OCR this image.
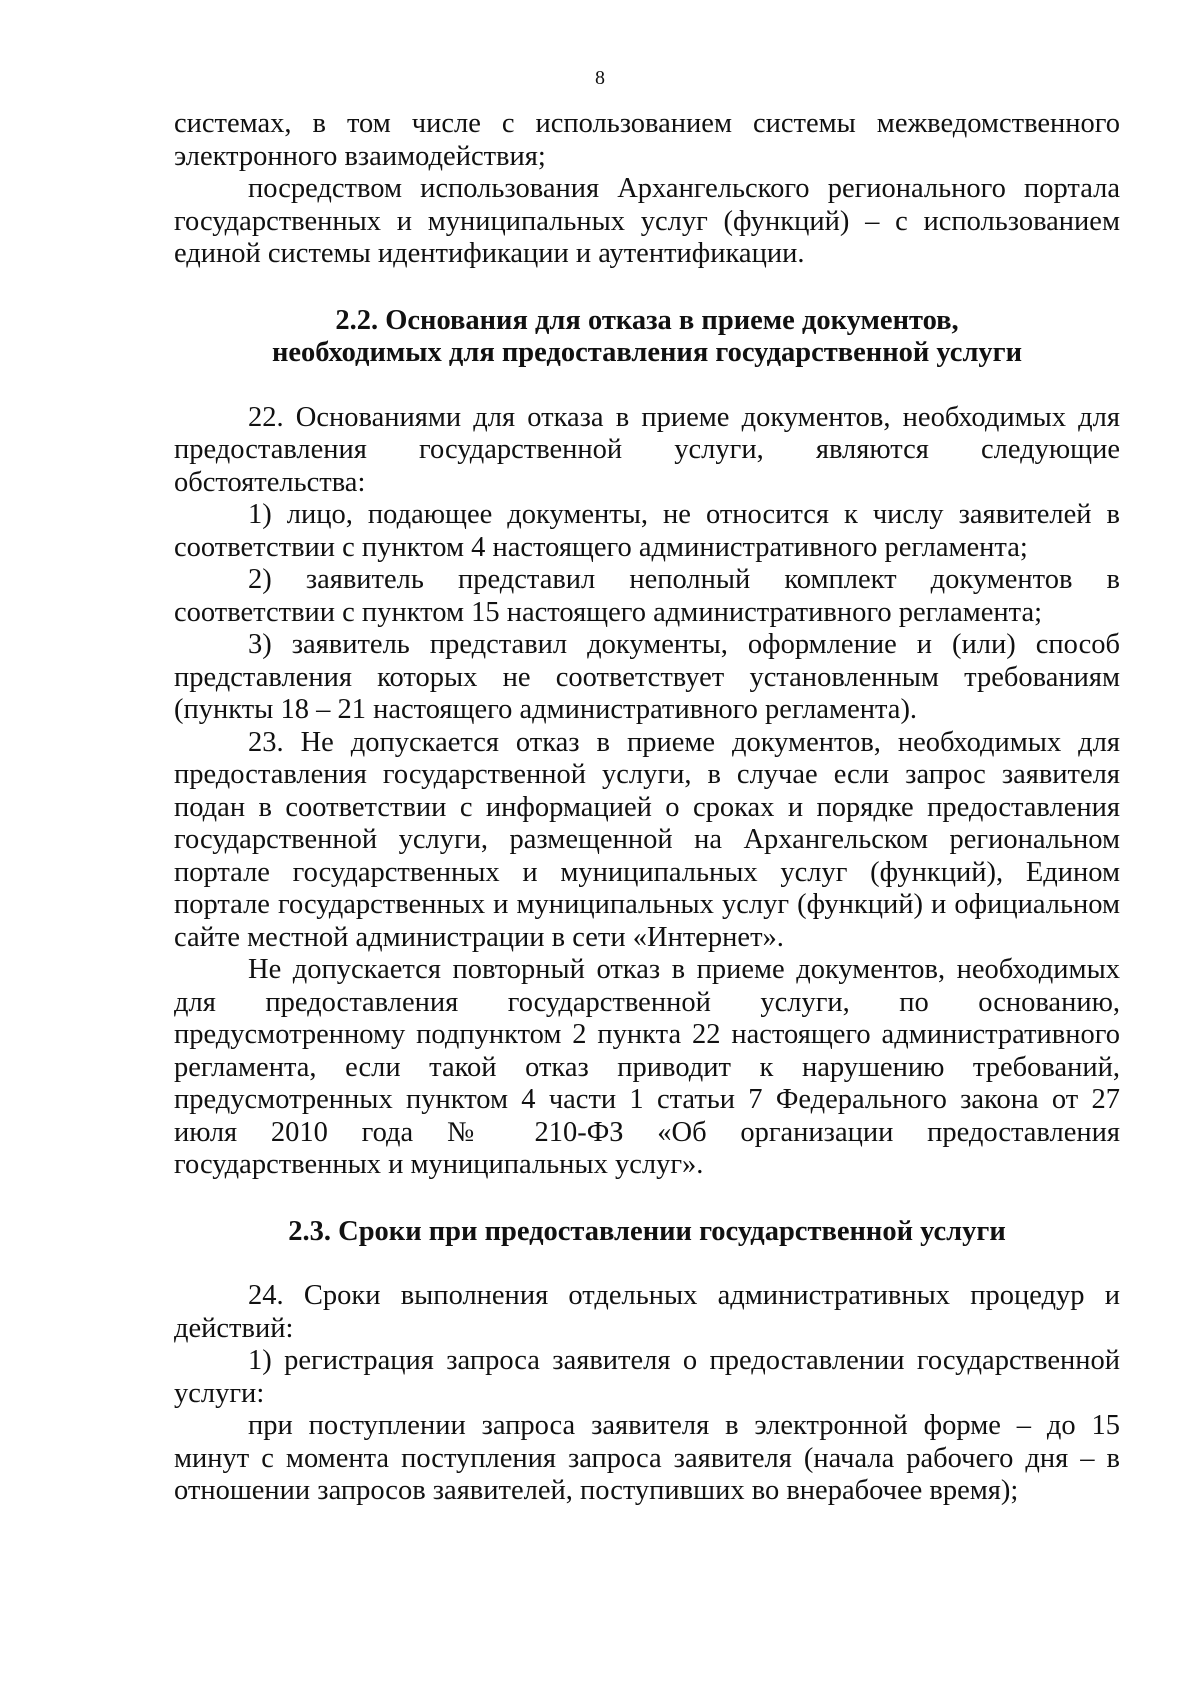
8

системах, в том числе с использованием системы межведомственного электронного взаимодействия;

посредством использования Архангельского регионального портала государственных и муниципальных услуг (функций) – с использованием единой системы идентификации и аутентификации.

2.2. Основания для отказа в приеме документов,
необходимых для предоставления государственной услуги

22. Основаниями для отказа в приеме документов, необходимых для предоставления государственной услуги, являются следующие обстоятельства:

1) лицо, подающее документы, не относится к числу заявителей в соответствии с пунктом 4 настоящего административного регламента;

2) заявитель представил неполный комплект документов в соответствии с пунктом 15 настоящего административного регламента;

3) заявитель представил документы, оформление и (или) способ представления которых не соответствует установленным требованиям (пункты 18 – 21 настоящего административного регламента).

23. Не допускается отказ в приеме документов, необходимых для предоставления государственной услуги, в случае если запрос заявителя подан в соответствии с информацией о сроках и порядке предоставления государственной услуги, размещенной на Архангельском региональном портале государственных и муниципальных услуг (функций), Едином портале государственных и муниципальных услуг (функций) и официальном сайте местной администрации в сети «Интернет».

Не допускается повторный отказ в приеме документов, необходимых для предоставления государственной услуги, по основанию, предусмотренному подпунктом 2 пункта 22 настоящего административного регламента, если такой отказ приводит к нарушению требований, предусмотренных пунктом 4 части 1 статьи 7 Федерального закона от 27 июля 2010 года № 210-ФЗ «Об организации предоставления государственных и муниципальных услуг».

2.3. Сроки при предоставлении государственной услуги

24. Сроки выполнения отдельных административных процедур и действий:

1) регистрация запроса заявителя о предоставлении государственной услуги:

при поступлении запроса заявителя в электронной форме – до 15 минут с момента поступления запроса заявителя (начала рабочего дня – в отношении запросов заявителей, поступивших во внерабочее время);
